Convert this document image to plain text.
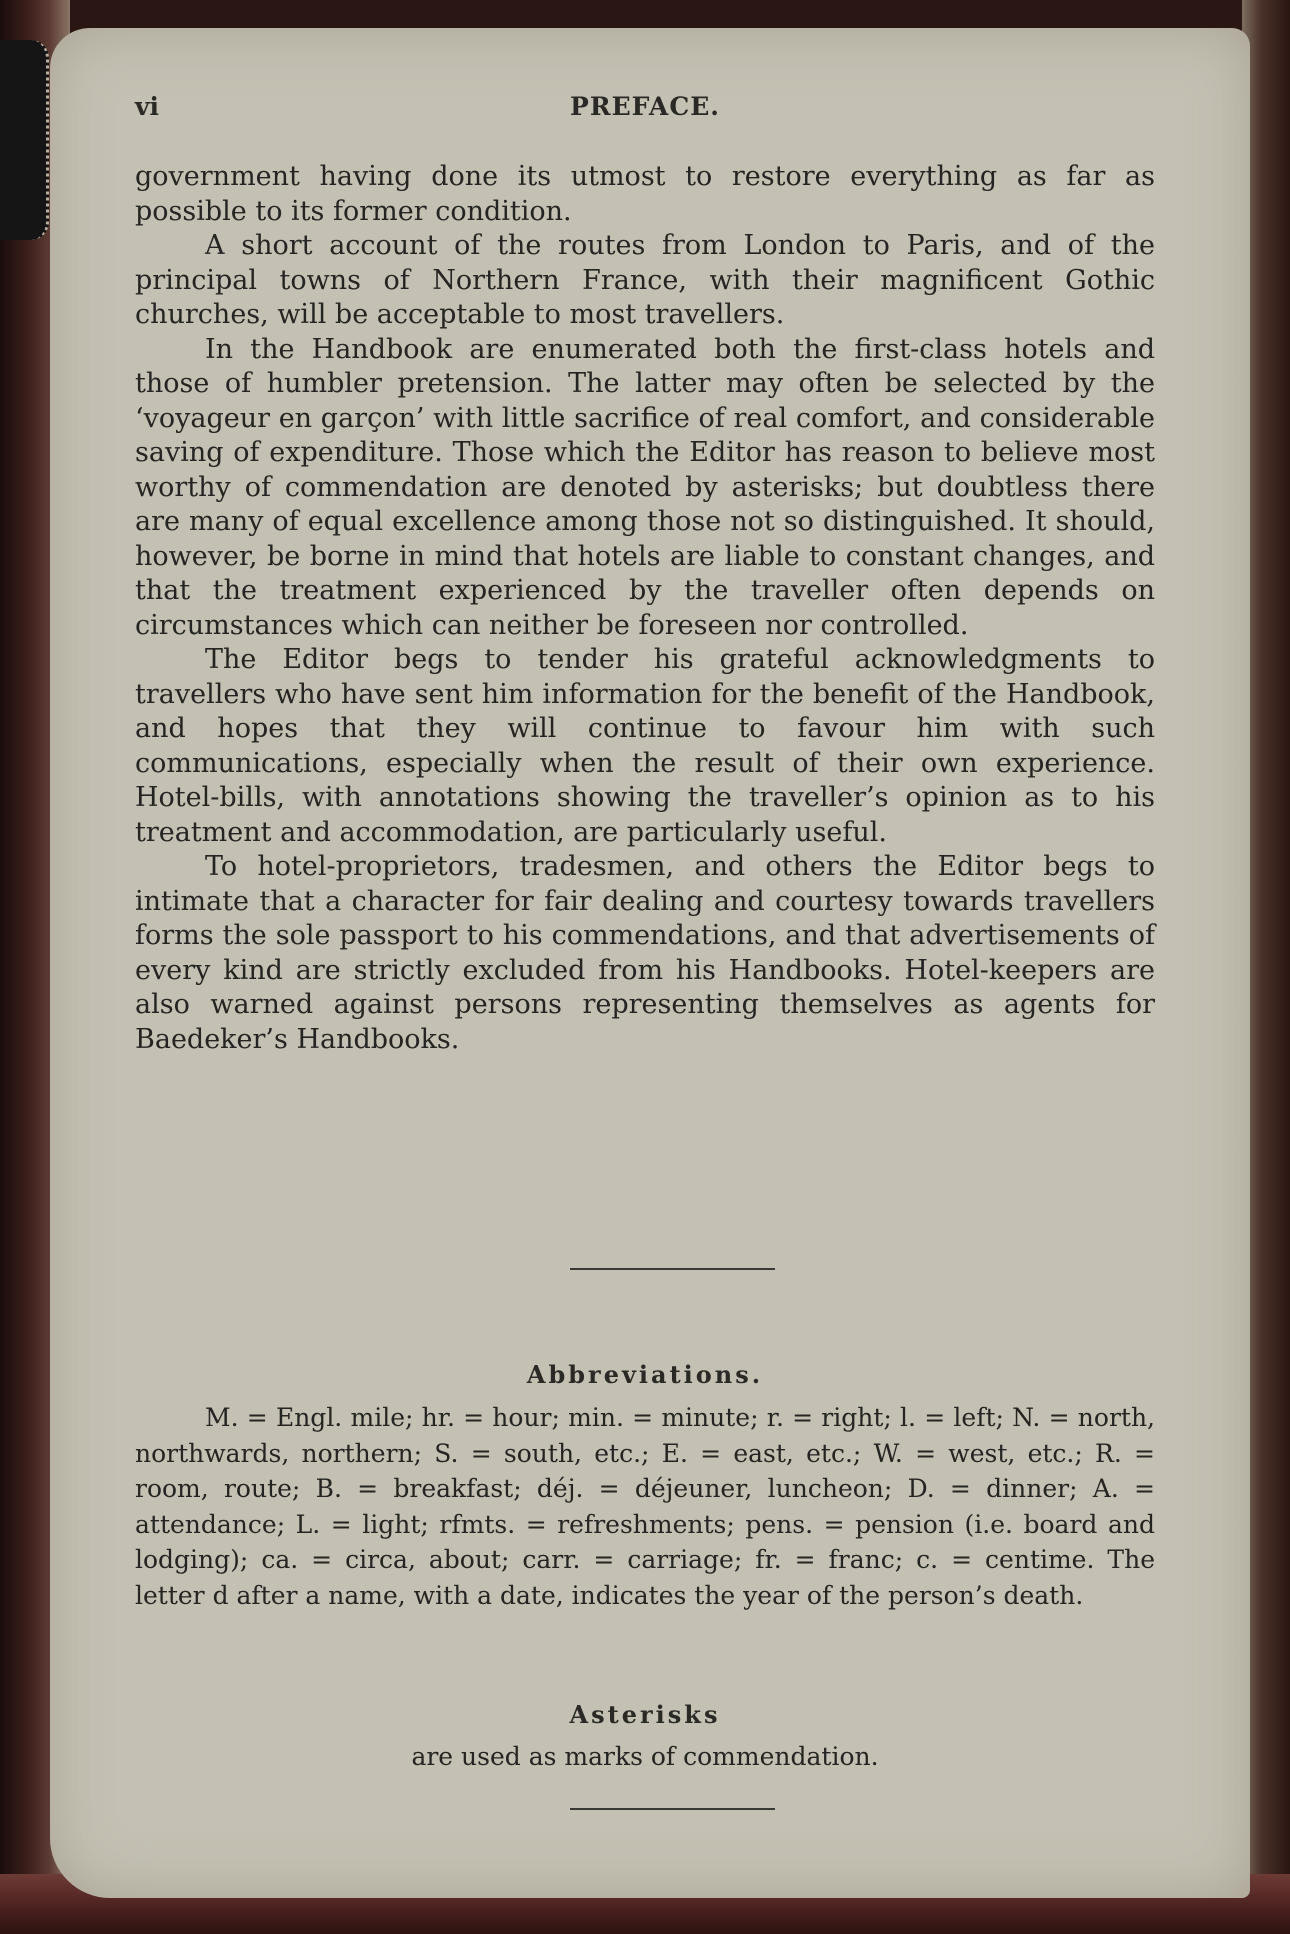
vi	PREFACE.

government having done its utmost to restore everything as far as possible to its former condition.

A short account of the routes from London to Paris, and of the principal towns of Northern France, with their magnificent Gothic churches, will be acceptable to most travellers.

In the Handbook are enumerated both the first-class hotels and those of humbler pretension. The latter may often be selected by the ‘voyageur en garçon’ with little sacrifice of real comfort, and considerable saving of expenditure. Those which the Editor has reason to believe most worthy of commendation are denoted by asterisks; but doubtless there are many of equal excellence among those not so distinguished. It should, however, be borne in mind that hotels are liable to constant changes, and that the treatment experienced by the traveller often depends on circumstances which can neither be foreseen nor controlled.

The Editor begs to tender his grateful acknowledgments to travellers who have sent him information for the benefit of the Handbook, and hopes that they will continue to favour him with such communications, especially when the result of their own experience. Hotel-bills, with annotations showing the traveller’s opinion as to his treatment and accommodation, are particularly useful.

To hotel-proprietors, tradesmen, and others the Editor begs to intimate that a character for fair dealing and courtesy towards travellers forms the sole passport to his commendations, and that advertisements of every kind are strictly excluded from his Handbooks. Hotel-keepers are also warned against persons representing themselves as agents for Baedeker’s Handbooks.

Abbreviations.

M. = Engl. mile; hr. = hour; min. = minute; r. = right; l. = left; N. = north, northwards, northern; S. = south, etc.; E. = east, etc.; W. = west, etc.; R. = room, route; B. = breakfast; déj. = déjeuner, luncheon; D. = dinner; A. = attendance; L. = light; rfmts. = refreshments; pens. = pension (i.e. board and lodging); ca. = circa, about; carr. = carriage; fr. = franc; c. = centime. The letter d after a name, with a date, indicates the year of the person’s death.

Asterisks
are used as marks of commendation.
